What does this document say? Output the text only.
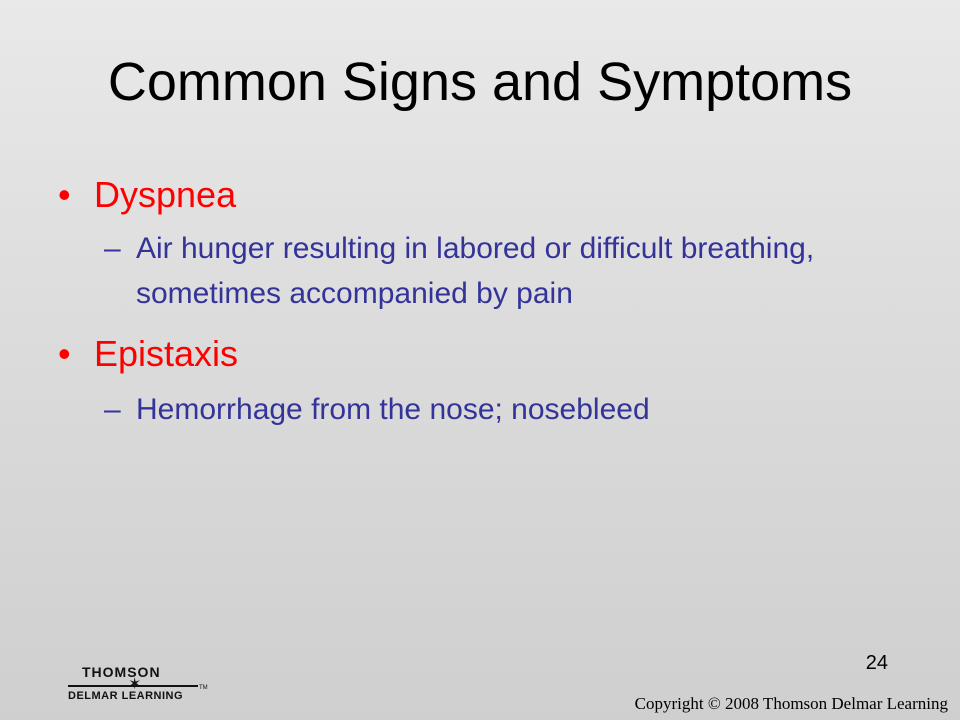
Common Signs and Symptoms
• Dyspnea
– Air hunger resulting in labored or difficult breathing, sometimes accompanied by pain
• Epistaxis
– Hemorrhage from the nose; nosebleed
24
THOMSON
✶	TM
DELMAR LEARNING	Copyright © 2008 Thomson Delmar Learning
